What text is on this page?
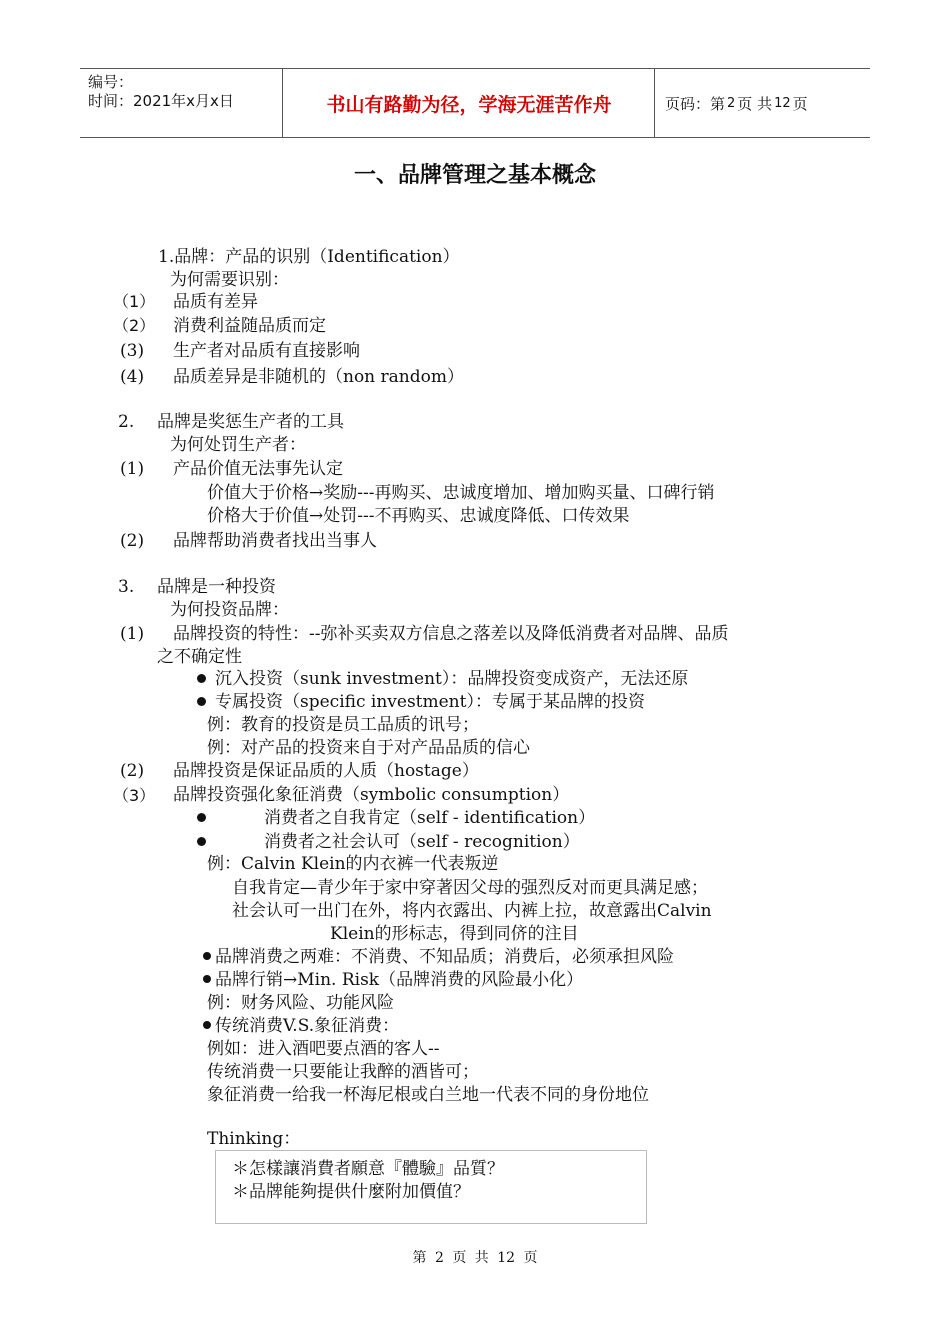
编号：
时间：2021年x月x日	书山有路勤为径，学海无涯苦作舟	页码：第 2 页 共 12 页
一、品牌管理之基本概念
1.品牌：产品的识别（Identification）
为何需要识别：
（1） 品质有差异
（2） 消费利益随品质而定
(3) 生产者对品质有直接影响
(4) 品质差异是非随机的（non random）
2. 品牌是奖惩生产者的工具
为何处罚生产者：
(1) 产品价值无法事先认定
价值大于价格→奖励---再购买、忠诚度增加、增加购买量、口碑行销
价格大于价值→处罚---不再购买、忠诚度降低、口传效果
(2) 品牌帮助消费者找出当事人
3. 品牌是一种投资
为何投资品牌：
(1) 品牌投资的特性：--弥补买卖双方信息之落差以及降低消费者对品牌、品质
之不确定性
沉入投资（sunk investment）：品牌投资变成资产，无法还原
专属投资（specific investment）：专属于某品牌的投资
例：教育的投资是员工品质的讯号；
例：对产品的投资来自于对产品品质的信心
(2) 品牌投资是保证品质的人质（hostage）
（3） 品牌投资强化象征消费（symbolic consumption）
消费者之自我肯定（self - identification）
消费者之社会认可（self - recognition）
例：Calvin Klein的内衣裤一代表叛逆
自我肯定—青少年于家中穿著因父母的强烈反对而更具满足感；
社会认可一出门在外，将内衣露出、内裤上拉，故意露出Calvin
Klein的形标志，得到同侪的注目
品牌消费之两难：不消费、不知品质；消费后，必须承担风险
品牌行销→Min. Risk（品牌消费的风险最小化）
例：财务风险、功能风险
传统消费V.S.象征消费：
例如：进入酒吧要点酒的客人--
传统消费一只要能让我醉的酒皆可；
象征消费一给我一杯海尼根或白兰地一代表不同的身份地位
Thinking：
＊怎樣讓消費者願意『體驗』品質？
＊品牌能夠提供什麼附加價值？
第 2 页 共 12 页
